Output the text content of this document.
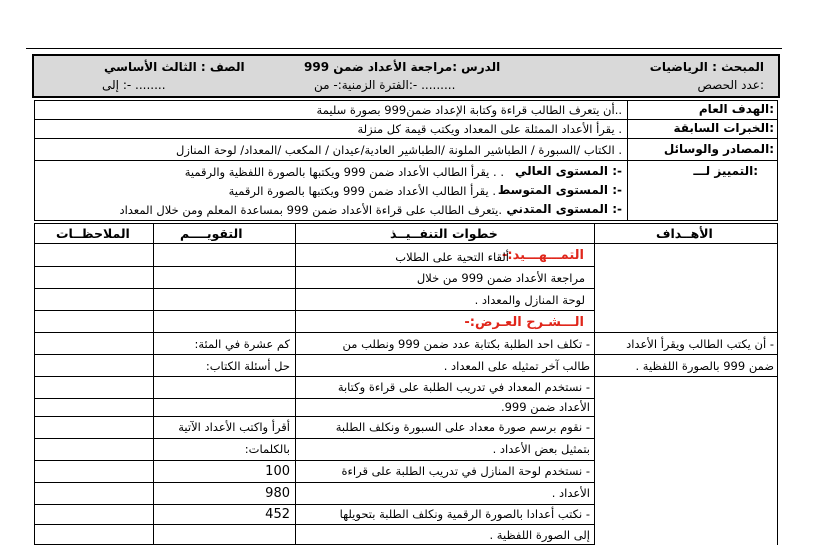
المبحث : الرياضيات
عدد الحصص:
الدرس :مراجعة الأعداد ضمن 999
الفترة الزمنية:- من:- .........
الصف : الثالث الأساسي
إلى :- ........
الهدف العام:
أن يتعرف الطالب قراءة وكتابة الإعداد ضمن999 بصورة سليمة..
الخبرات السابقة:
يقرأ الأعداد الممثلة على المعداد ويكتب قيمة كل منزلة .
المصادر والوسائل:
الكتاب /السبورة / الطباشير الملونة /الطباشير العادية/عيدان / المكعب /المعداد/ لوحة المنازل .
التمييز لـــ:
المستوى العالي :-
يقرأ الطالب الأعداد ضمن 999 ويكتبها بالصورة اللفظية والرقمية . .
المستوى المتوسط :-
يقرأ الطالب الأعداد ضمن 999 ويكتبها بالصورة الرقمية .
المستوى المتدني :-
يتعرف الطالب على قراءة الأعداد ضمن 999 بمساعدة المعلم ومن خلال المعداد.
الأهــداف
خطوات التنفــيــذ
التقويــــم
الملاحظــات
التمـــهـــيد:-
ألقاء التحية على الطلاب
مراجعة الأعداد ضمن 999 من خلال
لوحة المنازل والمعداد .
الـــشـرح العـرض:-
- تكلف احد الطلبة بكتابة عدد ضمن 999 ونطلب من
طالب آخر تمثيله على المعداد .
- نستخدم المعداد في تدريب الطلبة على قراءة وكتابة
الأعداد ضمن 999.
- نقوم برسم صورة معداد على السبورة ونكلف الطلبة
بتمثيل بعض الأعداد .
- نستخدم لوحة المنازل في تدريب الطلبة على قراءة
الأعداد .
- نكتب أعدادا بالصورة الرقمية ونكلف الطلبة بتحويلها
إلى الصورة اللفظية .
- أن يكتب الطالب ويقرأ الأعداد
ضمن 999 بالصورة اللفظية .
كم عشرة في المئة:
حل أسئلة الكتاب:
أقرأ واكتب الأعداد الآتية
بالكلمات:
100
980
452
